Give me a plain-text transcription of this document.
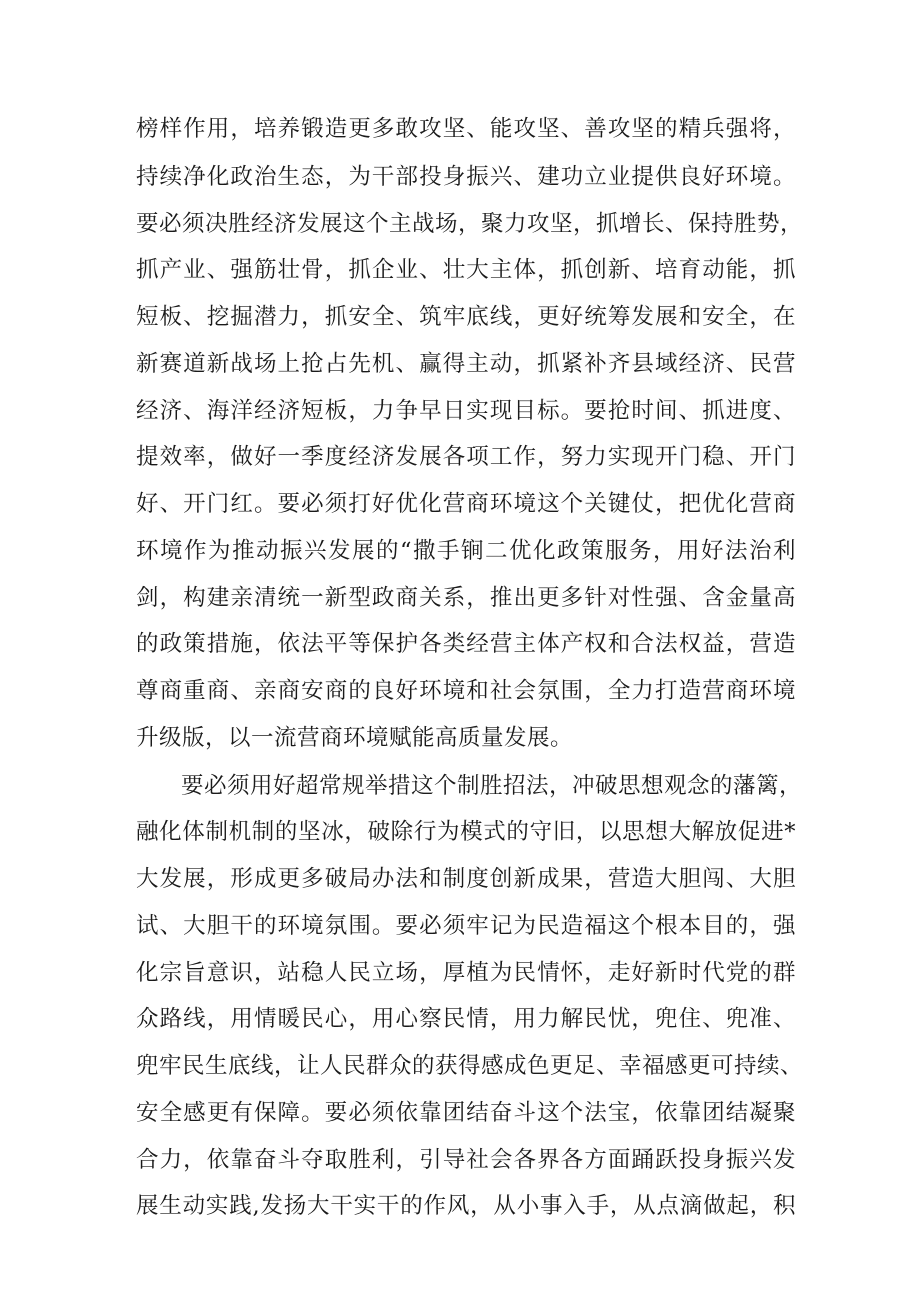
榜样作用，培养锻造更多敢攻坚、能攻坚、善攻坚的精兵强将，
持续净化政治生态，为干部投身振兴、建功立业提供良好环境。
要必须决胜经济发展这个主战场，聚力攻坚，抓增长、保持胜势，
抓产业、强筋壮骨，抓企业、壮大主体，抓创新、培育动能，抓
短板、挖掘潜力，抓安全、筑牢底线，更好统筹发展和安全，在
新赛道新战场上抢占先机、赢得主动，抓紧补齐县域经济、民营
经济、海洋经济短板，力争早日实现目标。要抢时间、抓进度、
提效率，做好一季度经济发展各项工作，努力实现开门稳、开门
好、开门红。要必须打好优化营商环境这个关键仗，把优化营商
环境作为推动振兴发展的“撒手锏二优化政策服务，用好法治利
剑，构建亲清统一新型政商关系，推出更多针对性强、含金量高
的政策措施，依法平等保护各类经营主体产权和合法权益，营造
尊商重商、亲商安商的良好环境和社会氛围，全力打造营商环境
升级版，以一流营商环境赋能高质量发展。
要必须用好超常规举措这个制胜招法，冲破思想观念的藩篱，
融化体制机制的坚冰，破除行为模式的守旧，以思想大解放促进*
大发展，形成更多破局办法和制度创新成果，营造大胆闯、大胆
试、大胆干的环境氛围。要必须牢记为民造福这个根本目的，强
化宗旨意识，站稳人民立场，厚植为民情怀，走好新时代党的群
众路线，用情暖民心，用心察民情，用力解民忧，兜住、兜准、
兜牢民生底线，让人民群众的获得感成色更足、幸福感更可持续、
安全感更有保障。要必须依靠团结奋斗这个法宝，依靠团结凝聚
合力，依靠奋斗夺取胜利，引导社会各界各方面踊跃投身振兴发
展生动实践,发扬大干实干的作风，从小事入手，从点滴做起，积
